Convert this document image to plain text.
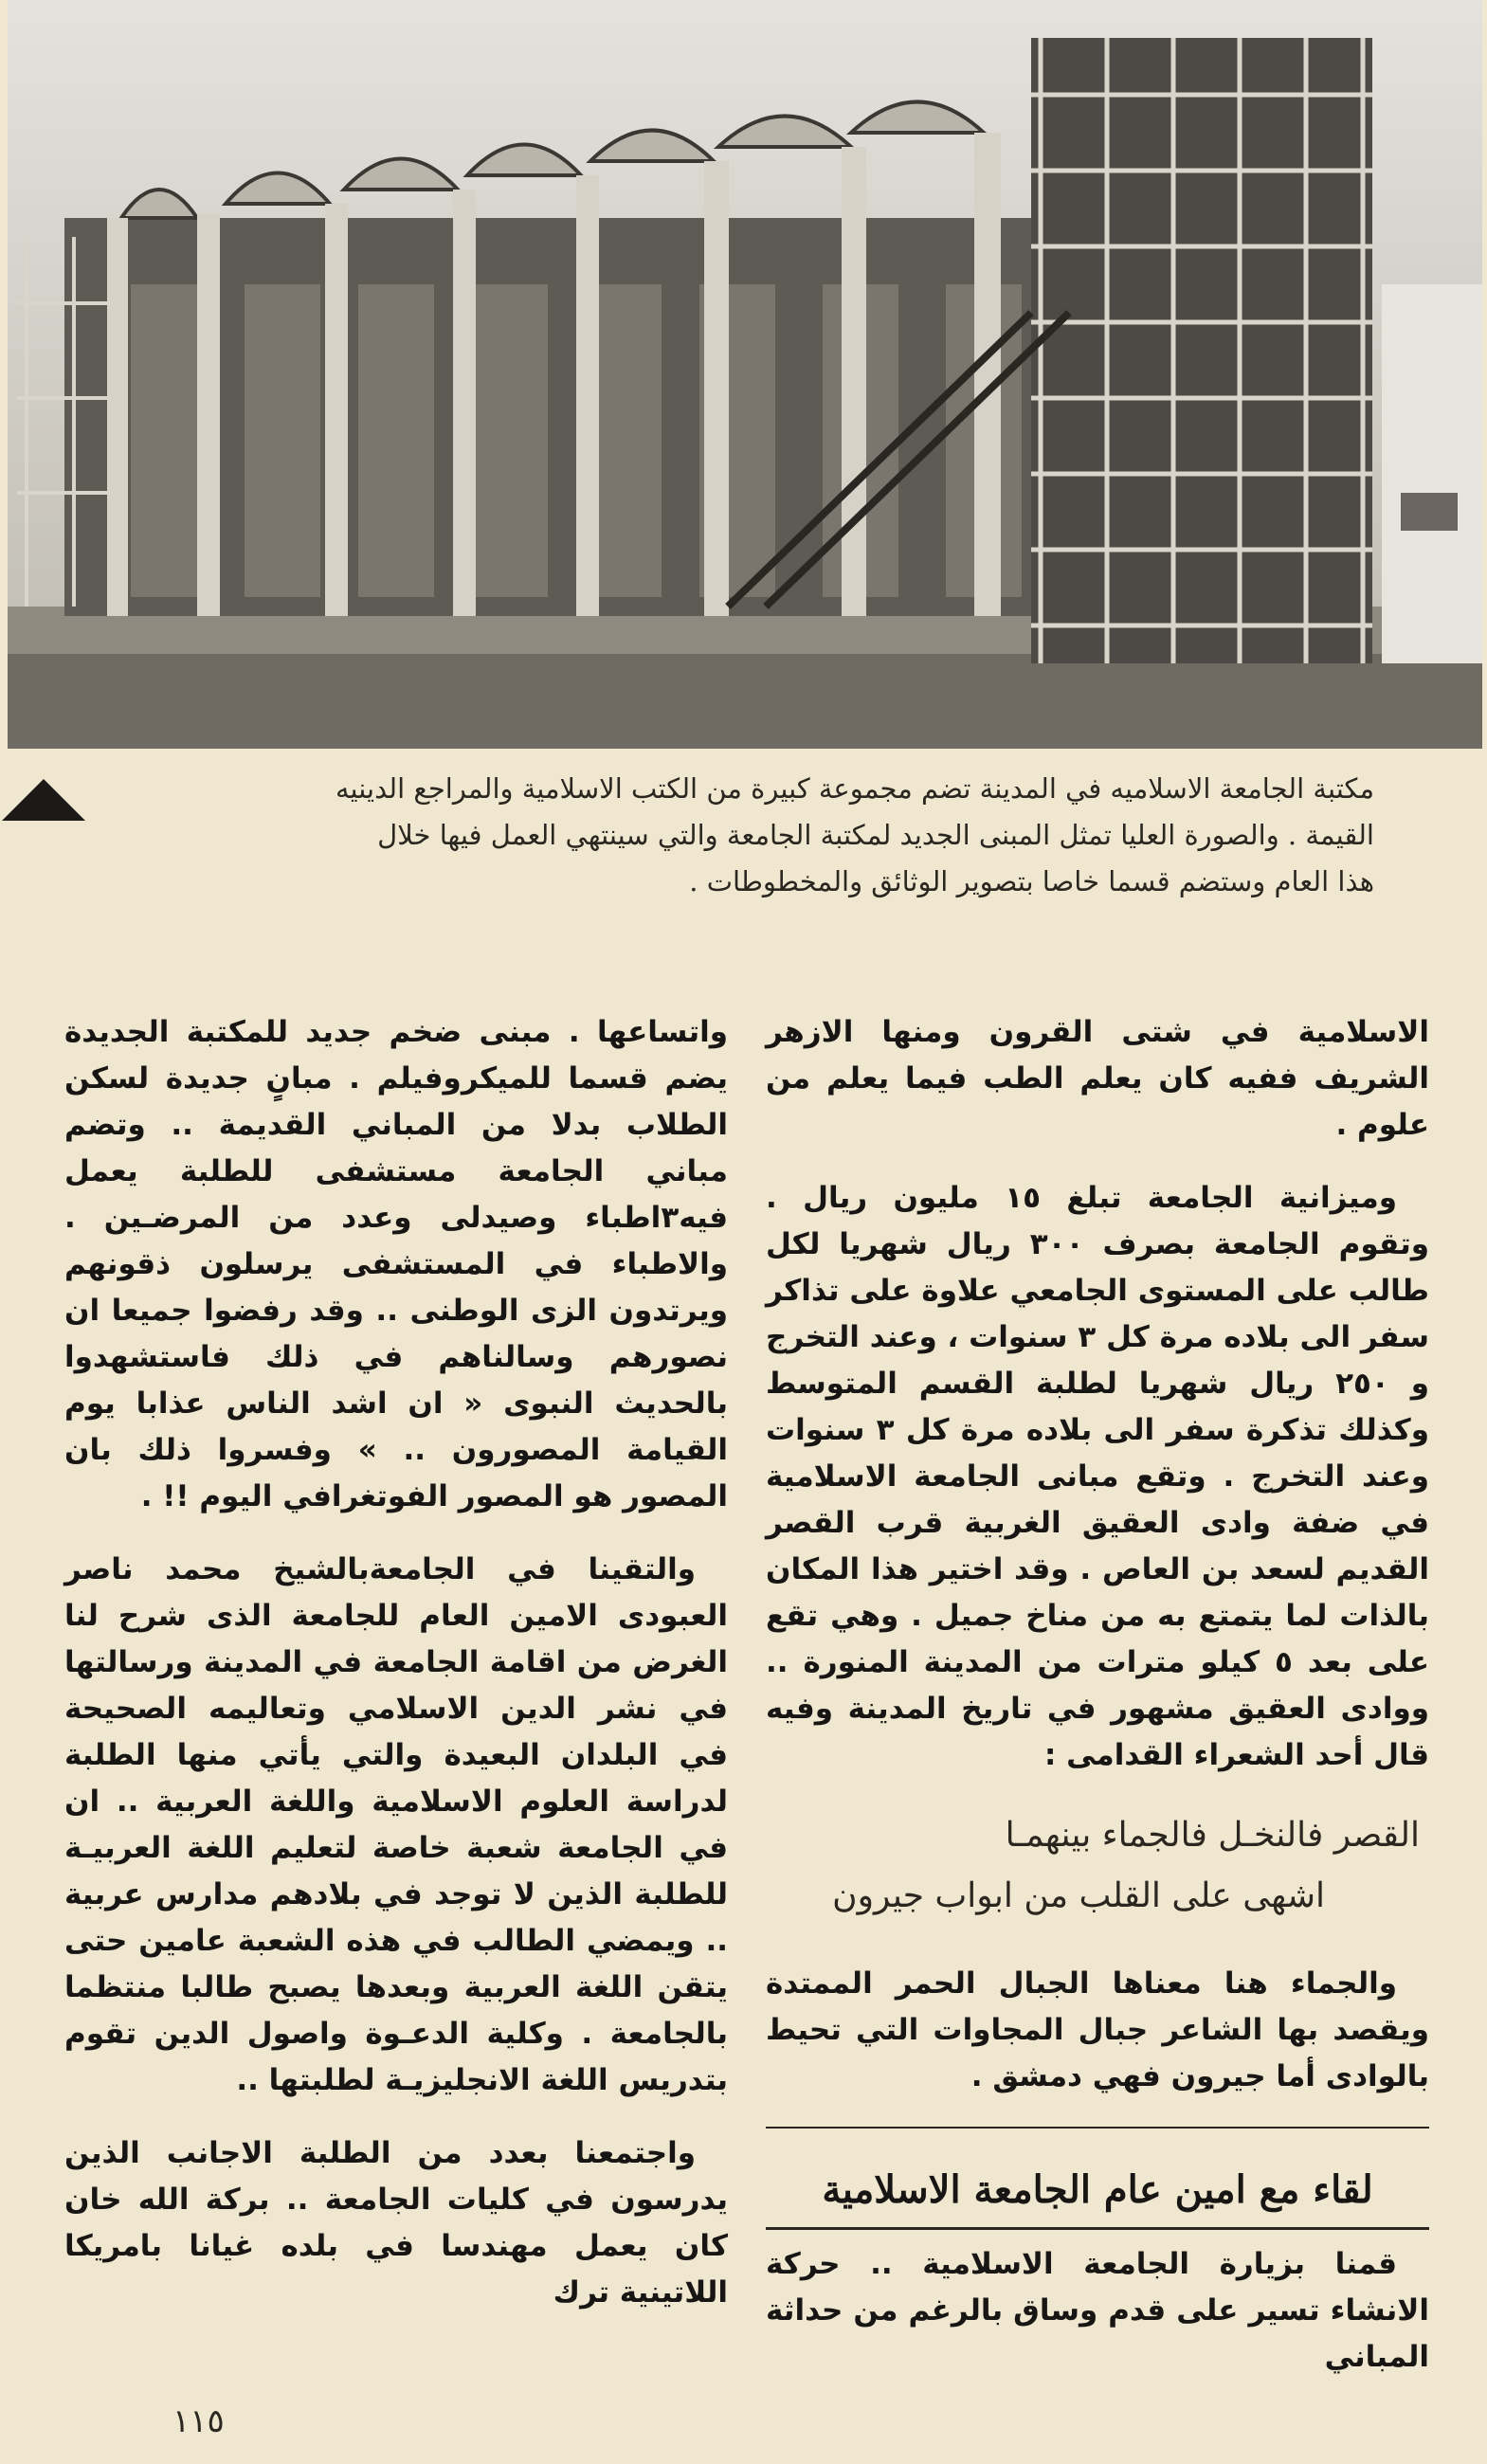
مكتبة الجامعة الاسلاميه في المدينة تضم مجموعة كبيرة من الكتب الاسلامية والمراجع الدينيه

القيمة . والصورة العليا تمثل المبنى الجديد لمكتبة الجامعة والتي سينتهي العمل فيها خلال

هذا العام وستضم قسما خاصا بتصوير الوثائق والمخطوطات .

الاسلامية في شتى القرون ومنها الازهر الشريف ففيه كان يعلم الطب فيما يعلم من علوم .

وميزانية الجامعة تبلغ ١٥ مليون ريال . وتقوم الجامعة بصرف ٣٠٠ ريال شهريا لكل طالب على المستوى الجامعي علاوة على تذاكر سفر الى بلاده مرة كل ٣ سنوات ، وعند التخرج و ٢٥٠ ريال شهريا لطلبة القسم المتوسط وكذلك تذكرة سفر الى بلاده مرة كل ٣ سنوات وعند التخرج . وتقع مبانى الجامعة الاسلامية في ضفة وادى العقيق الغربية قرب القصر القديم لسعد بن العاص . وقد اختير هذا المكان بالذات لما يتمتع به من مناخ جميل . وهي تقع على بعد ٥ كيلو مترات من المدينة المنورة .. ووادى العقيق مشهور في تاريخ المدينة وفيه قال أحد الشعراء القدامى :

القصر فالنخـل فالجماء بينهمـا
اشهى على القلب من ابواب جيرون

والجماء هنا معناها الجبال الحمر الممتدة ويقصد بها الشاعر جبال المجاوات التي تحيط بالوادى أما جيرون فهي دمشق .

لقاء مع امين عام الجامعة الاسلامية

قمنا بزيارة الجامعة الاسلامية .. حركة الانشاء تسير على قدم وساق بالرغم من حداثة المباني

واتساعها . مبنى ضخم جديد للمكتبة الجديدة يضم قسما للميكروفيلم . مبانٍ جديدة لسكن الطلاب بدلا من المباني القديمة .. وتضم مباني الجامعة مستشفى للطلبة يعمل فيه٣اطباء وصيدلى وعدد من المرضـين . والاطباء في المستشفى يرسلون ذقونهم ويرتدون الزى الوطنى .. وقد رفضوا جميعا ان نصورهم وسالناهم في ذلك فاستشهدوا بالحديث النبوى « ان اشد الناس عذابا يوم القيامة المصورون .. » وفسروا ذلك بان المصور هو المصور الفوتغرافي اليوم !! .

والتقينا في الجامعةبالشيخ محمد ناصر العبودى الامين العام للجامعة الذى شرح لنا الغرض من اقامة الجامعة في المدينة ورسالتها في نشر الدين الاسلامي وتعاليمه الصحيحة في البلدان البعيدة والتي يأتي منها الطلبة لدراسة العلوم الاسلامية واللغة العربية .. ان في الجامعة شعبة خاصة لتعليم اللغة العربيـة للطلبة الذين لا توجد في بلادهم مدارس عربية .. ويمضي الطالب في هذه الشعبة عامين حتى يتقن اللغة العربية وبعدها يصبح طالبا منتظما بالجامعة . وكلية الدعـوة واصول الدين تقوم بتدريس اللغة الانجليزيـة لطلبتها ..

واجتمعنا بعدد من الطلبة الاجانب الذين يدرسون في كليات الجامعة .. بركة الله خان كان يعمل مهندسا في بلده غيانا بامريكا اللاتينية ترك

١١٥
